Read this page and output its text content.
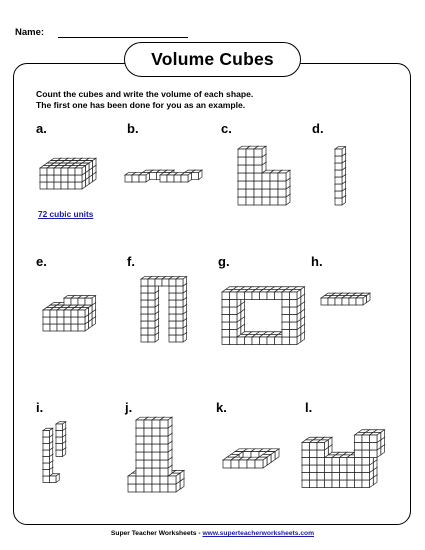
Name:
Volume Cubes
Count the cubes and write the volume of each shape.
The first one has been done for you as an example.
a.	b.	c.	d.
e.	f.	g.	h.
i.	j.	k.	l.
72 cubic units
Super Teacher Worksheets - www.superteacherworksheets.com
